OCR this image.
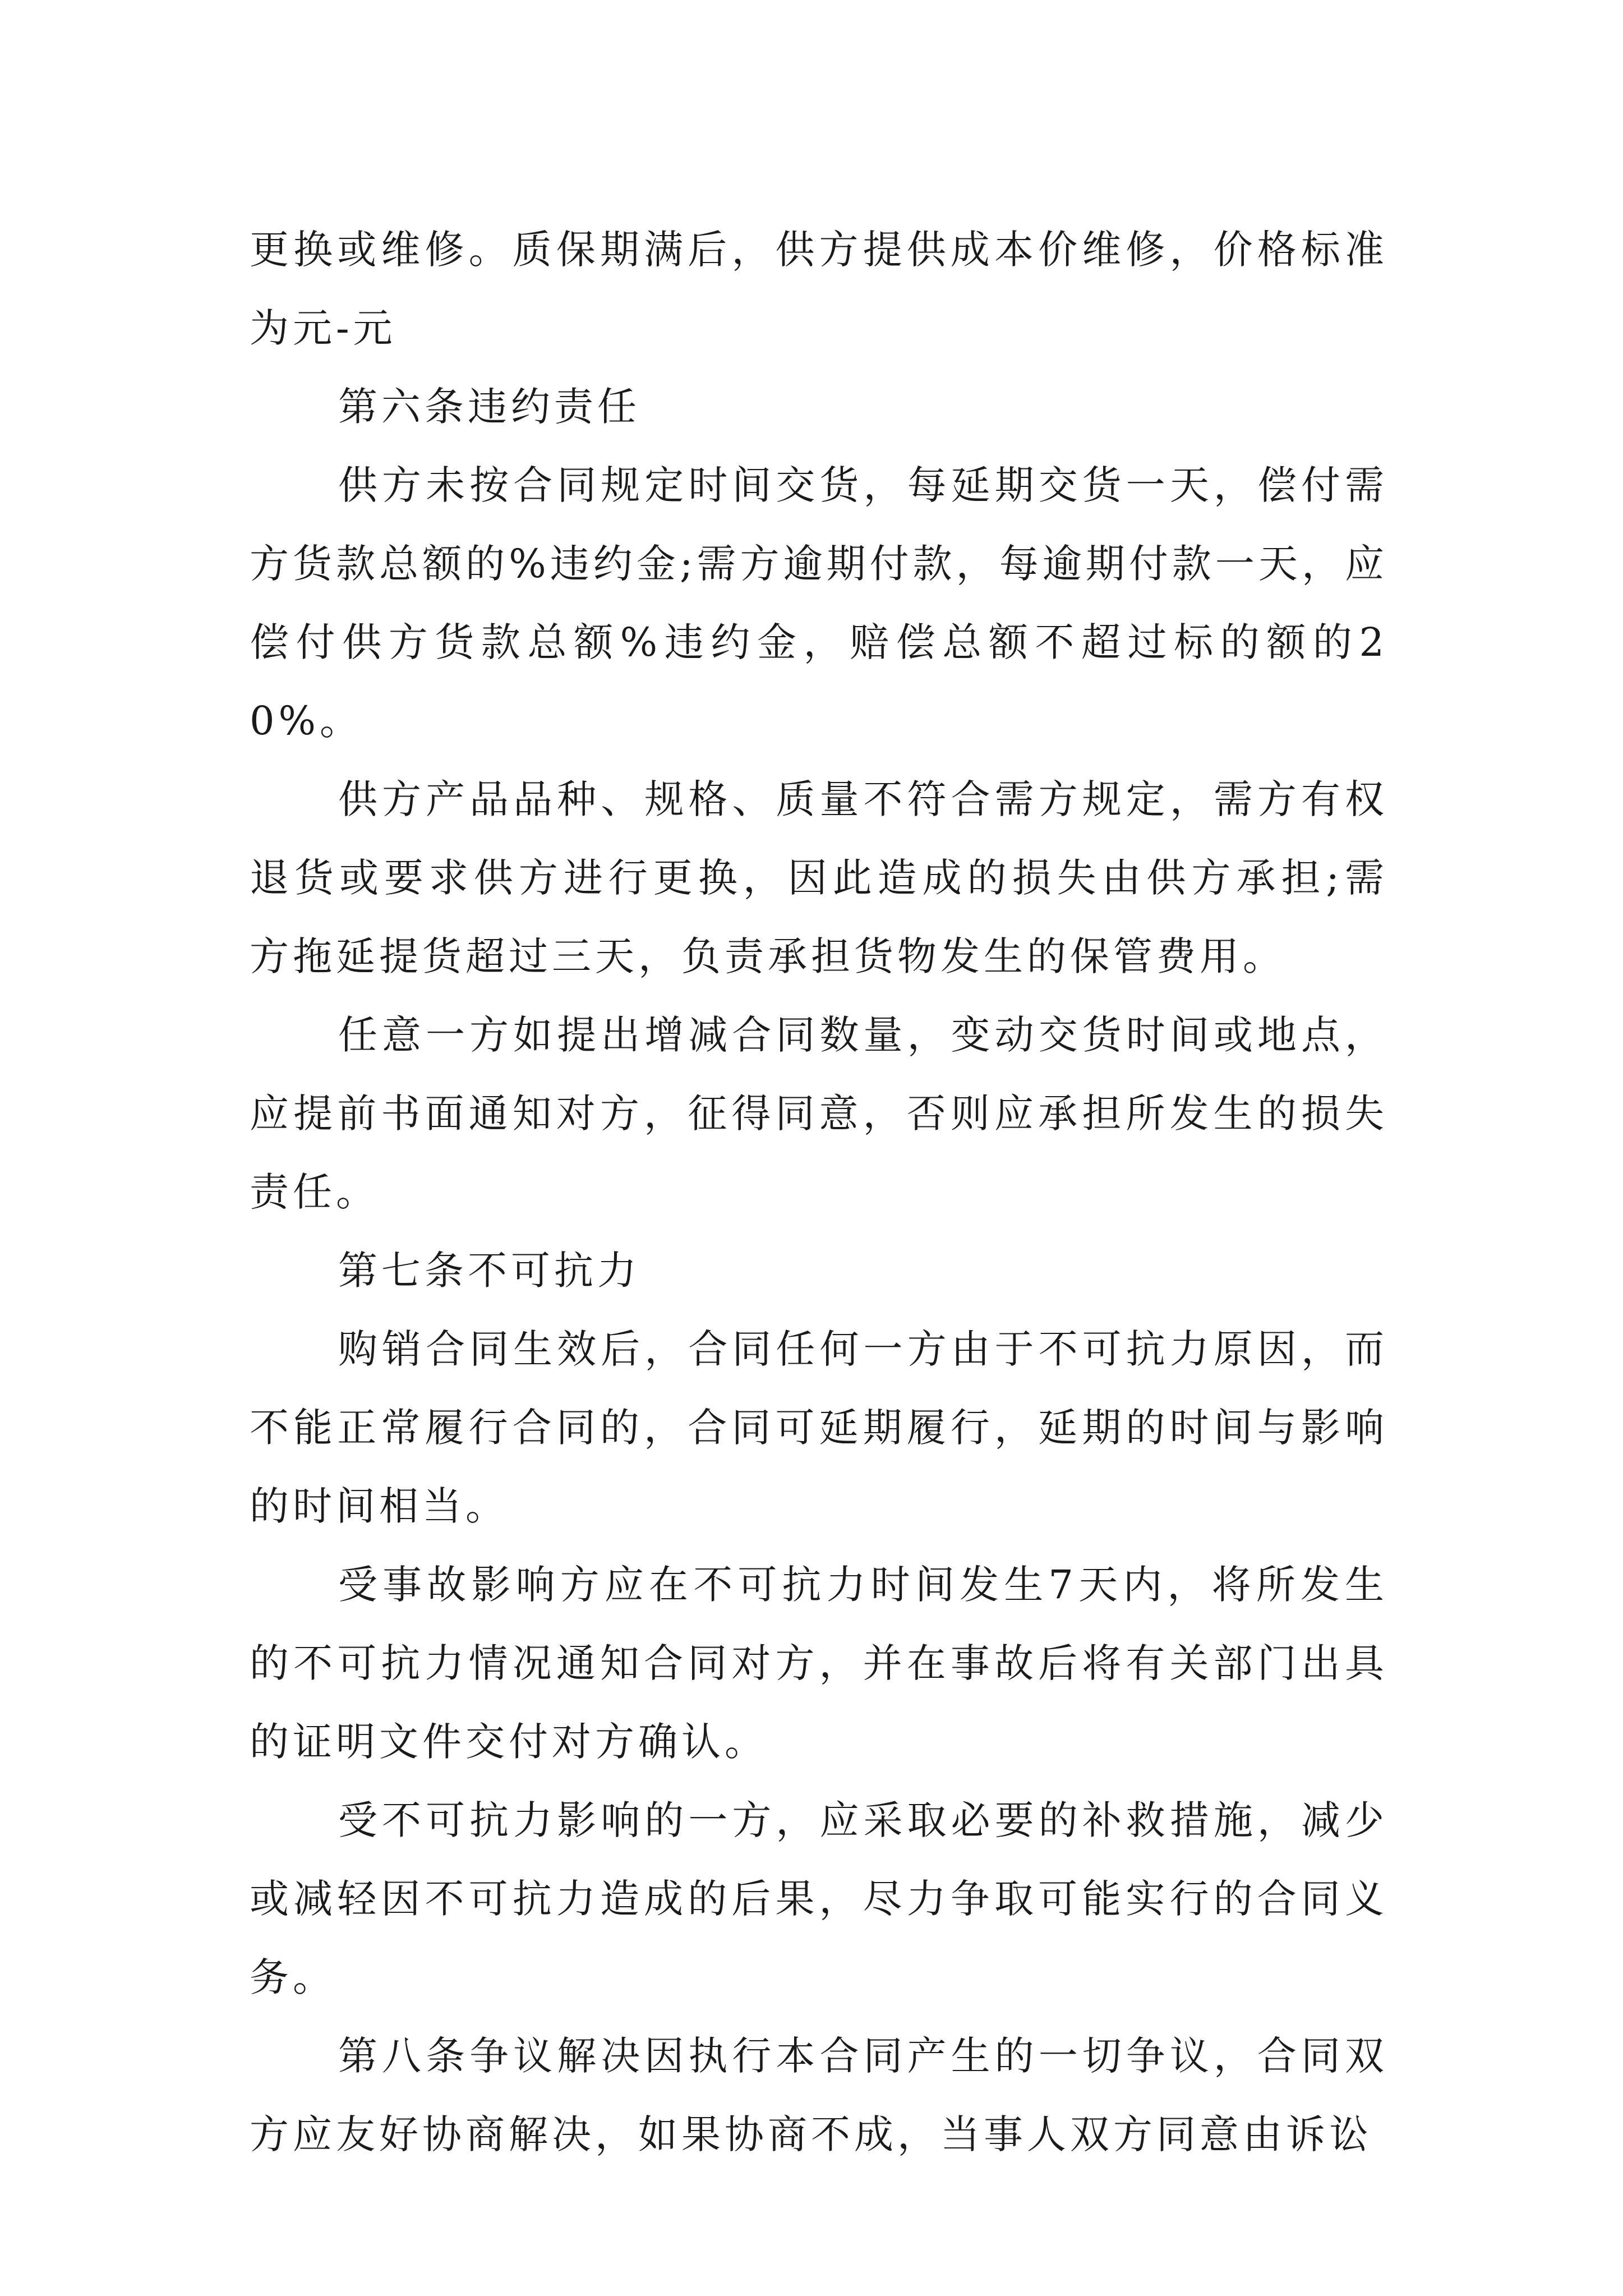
更换或维修。质保期满后，供方提供成本价维修，价格标准为元-元

第六条违约责任

供方未按合同规定时间交货，每延期交货一天，偿付需方货款总额的%违约金;需方逾期付款，每逾期付款一天，应偿付供方货款总额%违约金，赔偿总额不超过标的额的20%。

供方产品品种、规格、质量不符合需方规定，需方有权退货或要求供方进行更换，因此造成的损失由供方承担;需方拖延提货超过三天，负责承担货物发生的保管费用。

任意一方如提出增减合同数量，变动交货时间或地点，应提前书面通知对方，征得同意，否则应承担所发生的损失责任。

第七条不可抗力

购销合同生效后，合同任何一方由于不可抗力原因，而不能正常履行合同的，合同可延期履行，延期的时间与影响的时间相当。

受事故影响方应在不可抗力时间发生7天内，将所发生的不可抗力情况通知合同对方，并在事故后将有关部门出具的证明文件交付对方确认。

受不可抗力影响的一方，应采取必要的补救措施，减少或减轻因不可抗力造成的后果，尽力争取可能实行的合同义务。

第八条争议解决因执行本合同产生的一切争议，合同双方应友好协商解决，如果协商不成，当事人双方同意由诉讼
